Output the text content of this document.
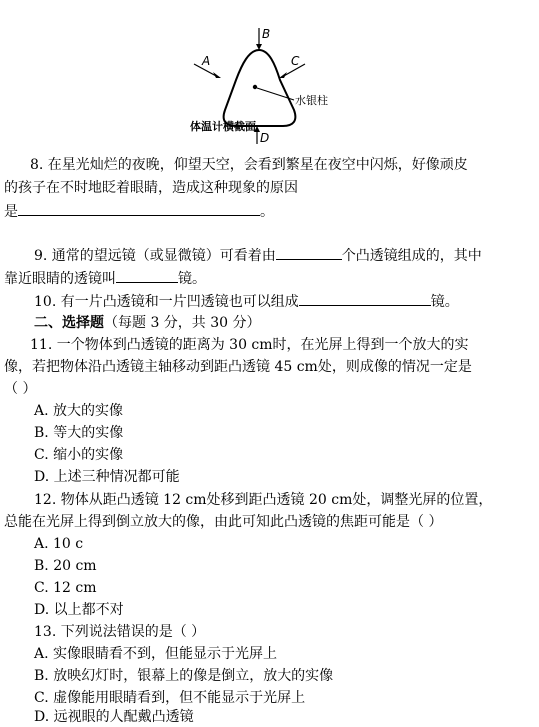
B
A	C
水银柱
体温计横截面
D
8. 在星光灿烂的夜晚，仰望天空，会看到繁星在夜空中闪烁，好像顽皮
的孩子在不时地眨着眼睛，造成这种现象的原因
是	。
9. 通常的望远镜（或显微镜）可看着由	个凸透镜组成的，其中
靠近眼睛的透镜叫	镜。
10. 有一片凸透镜和一片凹透镜也可以组成	镜。
二、选择题（每题 3 分，共 30 分）
11. 一个物体到凸透镜的距离为 30 cm时，在光屏上得到一个放大的实
像，若把物体沿凸透镜主轴移动到距凸透镜 45 cm处，则成像的情况一定是
（ ）
A. 放大的实像
B. 等大的实像
C. 缩小的实像
D. 上述三种情况都可能
12. 物体从距凸透镜 12 cm处移到距凸透镜 20 cm处，调整光屏的位置，
总能在光屏上得到倒立放大的像，由此可知此凸透镜的焦距可能是（ ）
A. 10 c
B. 20 cm
C. 12 cm
D. 以上都不对
13. 下列说法错误的是（ ）
A. 实像眼睛看不到，但能显示于光屏上
B. 放映幻灯时，银幕上的像是倒立，放大的实像
C. 虚像能用眼睛看到，但不能显示于光屏上
D. 远视眼的人配戴凸透镜
